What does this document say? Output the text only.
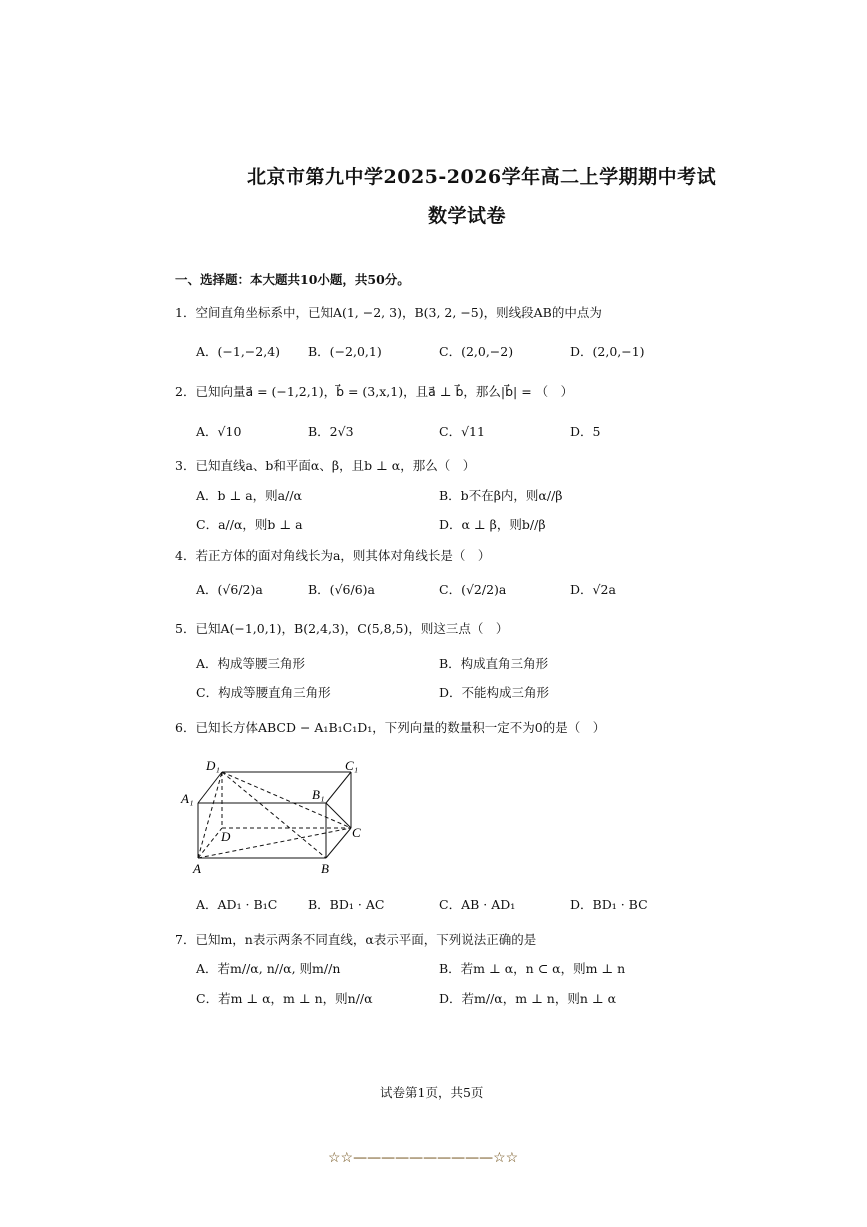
北京市第九中学2025-2026学年高二上学期期中考试
数学试卷
一、选择题：本大题共10小题，共50分。
1．空间直角坐标系中，已知A(1, −2, 3)，B(3, 2, −5)，则线段AB的中点为
A．(−1,−2,4) B．(−2,0,1)	C．(2,0,−2)	D．(2,0,−1)
2．已知向量a⃗ = (−1,2,1)，b⃗ = (3,x,1)，且a⃗ ⊥ b⃗，那么|b⃗| = （　）
A．√10	B．2√3	C．√11	D．5
3．已知直线a、b和平面α、β，且b ⊥ α，那么（　）
A．b ⊥ a，则a//α	B．b不在β内，则α//β
C．a//α，则b ⊥ a	D．α ⊥ β，则b//β
4．若正方体的面对角线长为a，则其体对角线长是（　）
A．(√6/2)a	B．(√6/6)a	C．(√2/2)a	D．√2a
5．已知A(−1,0,1)，B(2,4,3)，C(5,8,5)，则这三点（　）
A．构成等腰三角形	B．构成直角三角形
C．构成等腰直角三角形	D．不能构成三角形
6．已知长方体ABCD − A₁B₁C₁D₁，下列向量的数量积一定不为0的是（　）
D₁	C₁
A₁	B₁
D	C
A	B
A．AD₁ · B₁C B．BD₁ · AC	C．AB · AD₁	D．BD₁ · BC
7．已知m，n表示两条不同直线，α表示平面，下列说法正确的是
A．若m//α, n//α, 则m//n	B．若m ⊥ α，n ⊂ α，则m ⊥ n
C．若m ⊥ α，m ⊥ n，则n//α	D．若m//α，m ⊥ n，则n ⊥ α
试卷第1页，共5页
☆☆——————————☆☆
